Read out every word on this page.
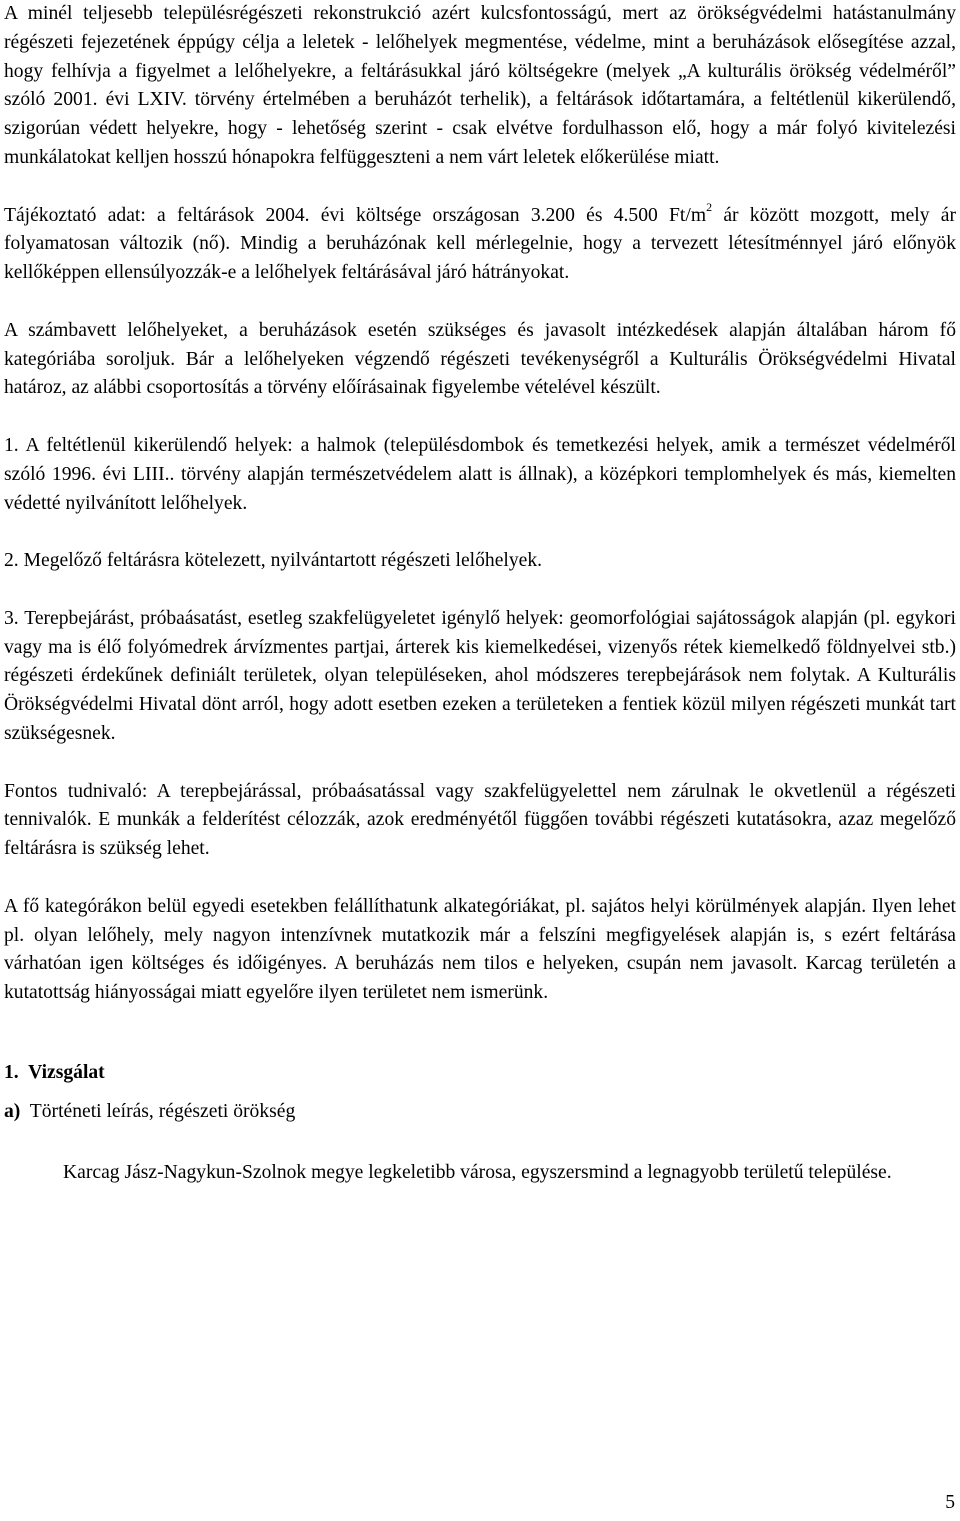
A minél teljesebb településrégészeti rekonstrukció azért kulcsfontosságú, mert az örökségvédelmi hatástanulmány régészeti fejezetének éppúgy célja a leletek - lelőhelyek megmentése, védelme, mint a beruházások elősegítése azzal, hogy felhívja a figyelmet a lelőhelyekre, a feltárásukkal járó költségekre (melyek „A kulturális örökség védelméről” szóló 2001. évi LXIV. törvény értelmében a beruházót terhelik), a feltárások időtartamára, a feltétlenül kikerülendő, szigorúan védett helyekre, hogy - lehetőség szerint - csak elvétve fordulhasson elő, hogy a már folyó kivitelezési munkálatokat kelljen hosszú hónapokra felfüggeszteni a nem várt leletek előkerülése miatt.

Tájékoztató adat: a feltárások 2004. évi költsége országosan 3.200 és 4.500 $Ft/m^2$ ár között mozgott, mely ár folyamatosan változik (nő). Mindig a beruházónak kell mérlegelnie, hogy a tervezett létesítménnyel járó előnyök kellőképpen ellensúlyozzák-e a lelőhelyek feltárásával járó hátrányokat.

A számbavett lelőhelyeket, a beruházások esetén szükséges és javasolt intézkedések alapján általában három fő kategóriába soroljuk. Bár a lelőhelyeken végzendő régészeti tevékenységről a Kulturális Örökségvédelmi Hivatal határoz, az alábbi csoportosítás a törvény előírásainak figyelembe vételével készült.

1. A feltétlenül kikerülendő helyek: a halmok (településdombok és temetkezési helyek, amik a természet védelméről szóló 1996. évi LIII.. törvény alapján természetvédelem alatt is állnak), a középkori templomhelyek és más, kiemelten védetté nyilvánított lelőhelyek.

2. Megelőző feltárásra kötelezett, nyilvántartott régészeti lelőhelyek.

3. Terepbejárást, próbaásatást, esetleg szakfelügyeletet igénylő helyek: geomorfológiai sajátosságok alapján (pl. egykori vagy ma is élő folyómedrek árvízmentes partjai, árterek kis kiemelkedései, vizenyős rétek kiemelkedő földnyelvei stb.) régészeti érdekűnek definiált területek, olyan településeken, ahol módszeres terepbejárások nem folytak. A Kulturális Örökségvédelmi Hivatal dönt arról, hogy adott esetben ezeken a területeken a fentiek közül milyen régészeti munkát tart szükségesnek.

Fontos tudnivaló: A terepbejárással, próbaásatással vagy szakfelügyelettel nem zárulnak le okvetlenül a régészeti tennivalók. E munkák a felderítést célozzák, azok eredményétől függően további régészeti kutatásokra, azaz megelőző feltárásra is szükség lehet.

A fő kategórákon belül egyedi esetekben felállíthatunk alkategóriákat, pl. sajátos helyi körülmények alapján. Ilyen lehet pl. olyan lelőhely, mely nagyon intenzívnek mutatkozik már a felszíni megfigyelések alapján is, s ezért feltárása várhatóan igen költséges és időigényes. A beruházás nem tilos e helyeken, csupán nem javasolt. Karcag területén a kutatottság hiányosságai miatt egyelőre ilyen területet nem ismerünk.

1. Vizsgálat

a) Történeti leírás, régészeti örökség

Karcag Jász-Nagykun-Szolnok megye legkeletibb városa, egyszersmind a legnagyobb területű települése.

5
